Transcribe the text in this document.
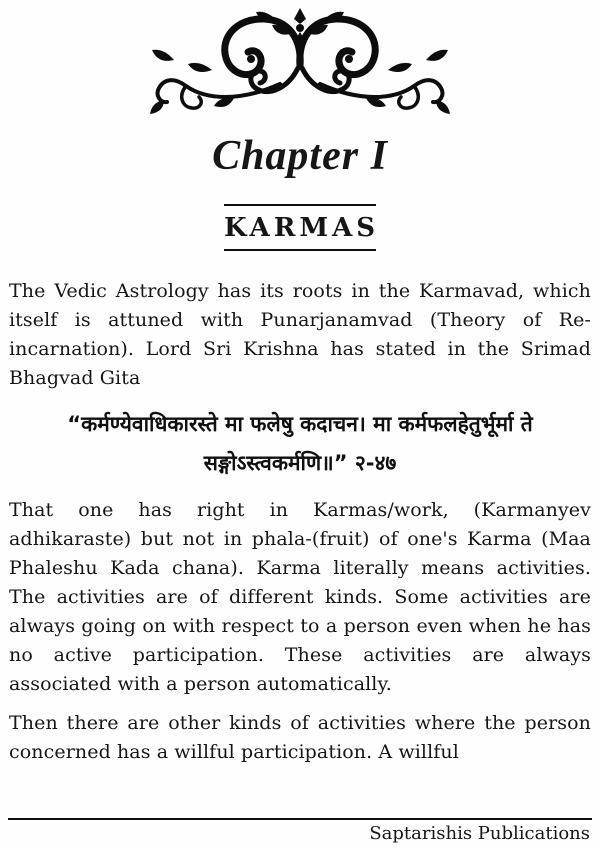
Chapter I
KARMAS

The Vedic Astrology has its roots in the Karmavad, which itself is attuned with Punarjanamvad (Theory of Re-incarnation). Lord Sri Krishna has stated in the Srimad Bhagvad Gita

“कर्मण्येवाधिकारस्ते मा फलेषु कदाचन। मा कर्मफलहेतुर्भूर्मा ते
सङ्गोऽस्त्वकर्मणि॥” २-४७

That one has right in Karmas/work, (Karmanyev adhikaraste) but not in phala-(fruit) of one's Karma (Maa Phaleshu Kada chana). Karma literally means activities. The activities are of different kinds. Some activities are always going on with respect to a person even when he has no active participation. These activities are always associated with a person automatically.

Then there are other kinds of activities where the person concerned has a willful participation. A willful

Saptarishis Publications
